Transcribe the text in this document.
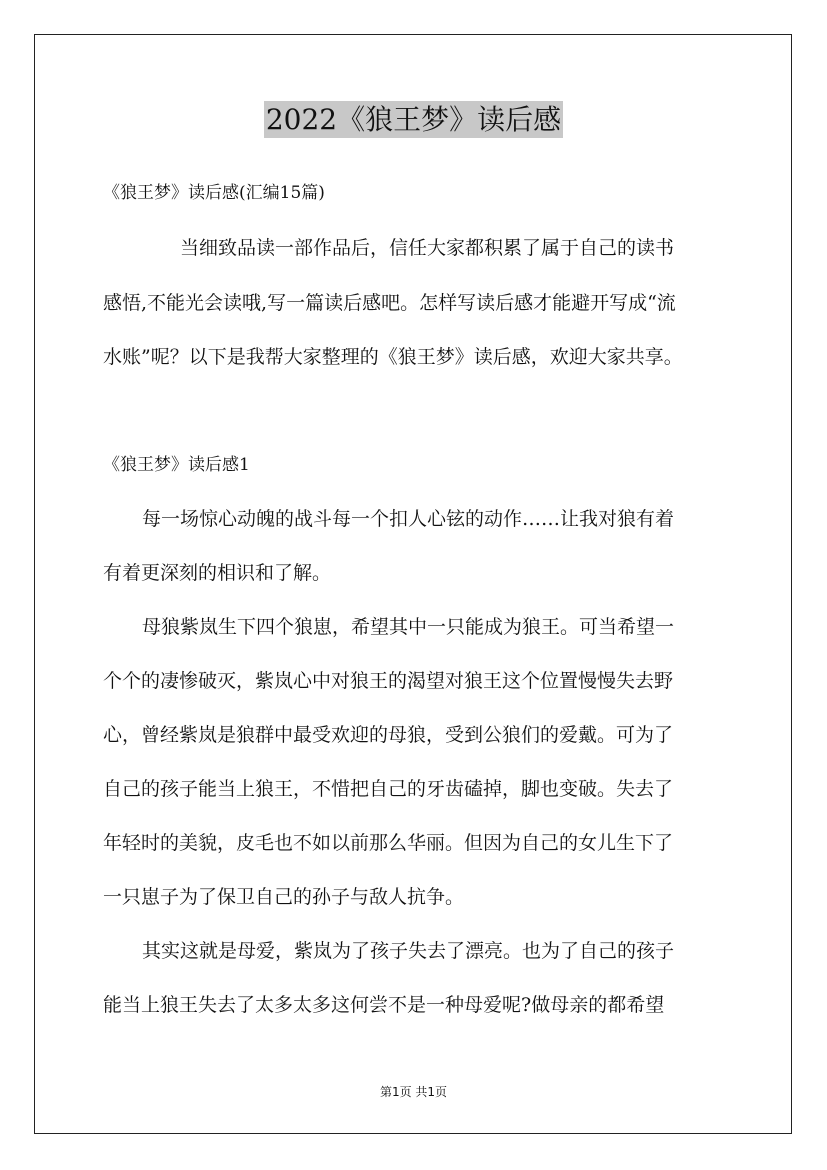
2022《狼王梦》读后感
《狼王梦》读后感(汇编15篇)
当细致品读一部作品后，信任大家都积累了属于自己的读书
感悟,不能光会读哦,写一篇读后感吧。怎样写读后感才能避开写成“流
水账”呢？以下是我帮大家整理的《狼王梦》读后感，欢迎大家共享。
《狼王梦》读后感1
每一场惊心动魄的战斗每一个扣人心铉的动作……让我对狼有着
有着更深刻的相识和了解。
母狼紫岚生下四个狼崽，希望其中一只能成为狼王。可当希望一
个个的凄惨破灭，紫岚心中对狼王的渴望对狼王这个位置慢慢失去野
心，曾经紫岚是狼群中最受欢迎的母狼，受到公狼们的爱戴。可为了
自己的孩子能当上狼王，不惜把自己的牙齿磕掉，脚也变破。失去了
年轻时的美貌，皮毛也不如以前那么华丽。但因为自己的女儿生下了
一只崽子为了保卫自己的孙子与敌人抗争。
其实这就是母爱，紫岚为了孩子失去了漂亮。也为了自己的孩子
能当上狼王失去了太多太多这何尝不是一种母爱呢?做母亲的都希望
第1页 共1页
